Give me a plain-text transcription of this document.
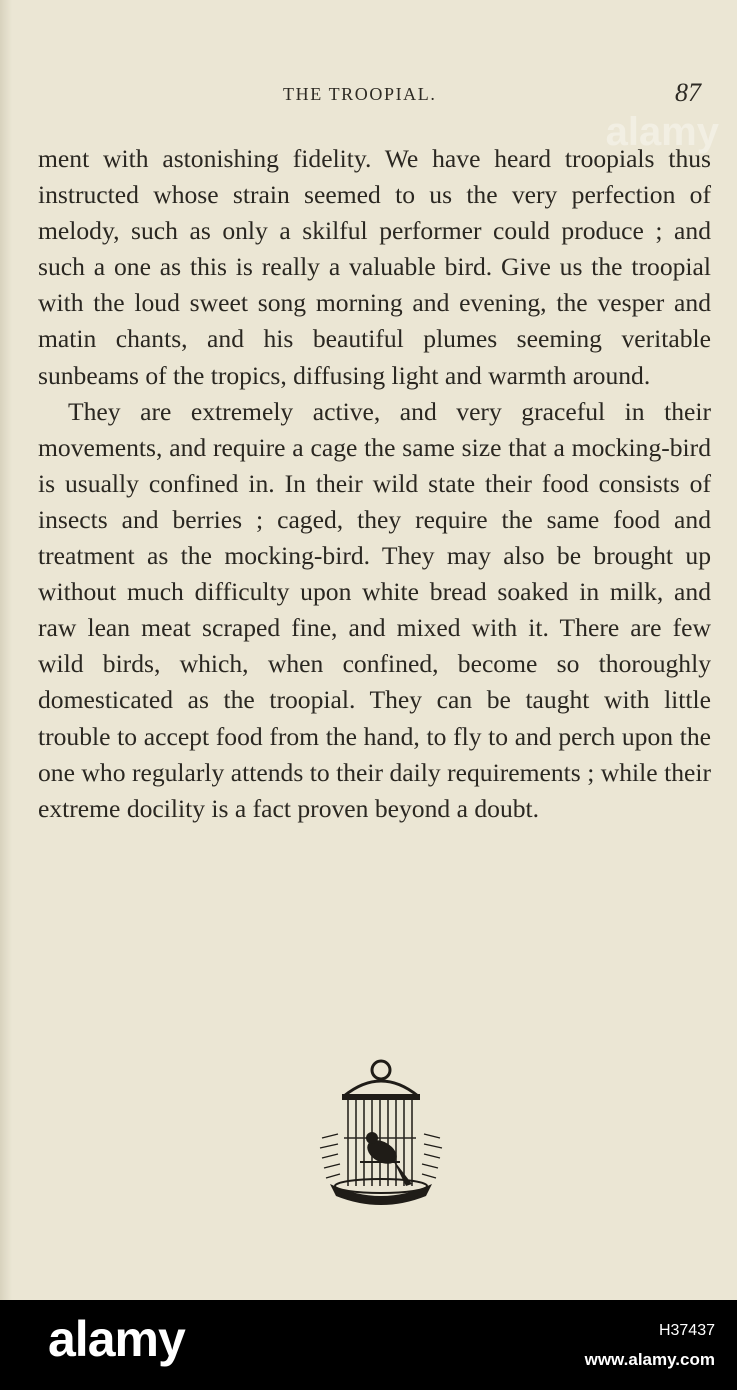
alamy
THE TROOPIAL.	87

ment with astonishing fidelity. We have heard troopials thus instructed whose strain seemed to us the very perfection of melody, such as only a skilful performer could produce ; and such a one as this is really a valuable bird. Give us the troopial with the loud sweet song morning and evening, the vesper and matin chants, and his beautiful plumes seeming veritable sunbeams of the tropics, diffusing light and warmth around.

They are extremely active, and very graceful in their movements, and require a cage the same size that a mocking-bird is usually confined in. In their wild state their food consists of insects and berries ; caged, they require the same food and treatment as the mocking-bird. They may also be brought up without much difficulty upon white bread soaked in milk, and raw lean meat scraped fine, and mixed with it. There are few wild birds, which, when confined, become so thoroughly domesticated as the troopial. They can be taught with little trouble to accept food from the hand, to fly to and perch upon the one who regularly attends to their daily requirements ; while their extreme docility is a fact proven beyond a doubt.

alamy	H37437
www.alamy.com
